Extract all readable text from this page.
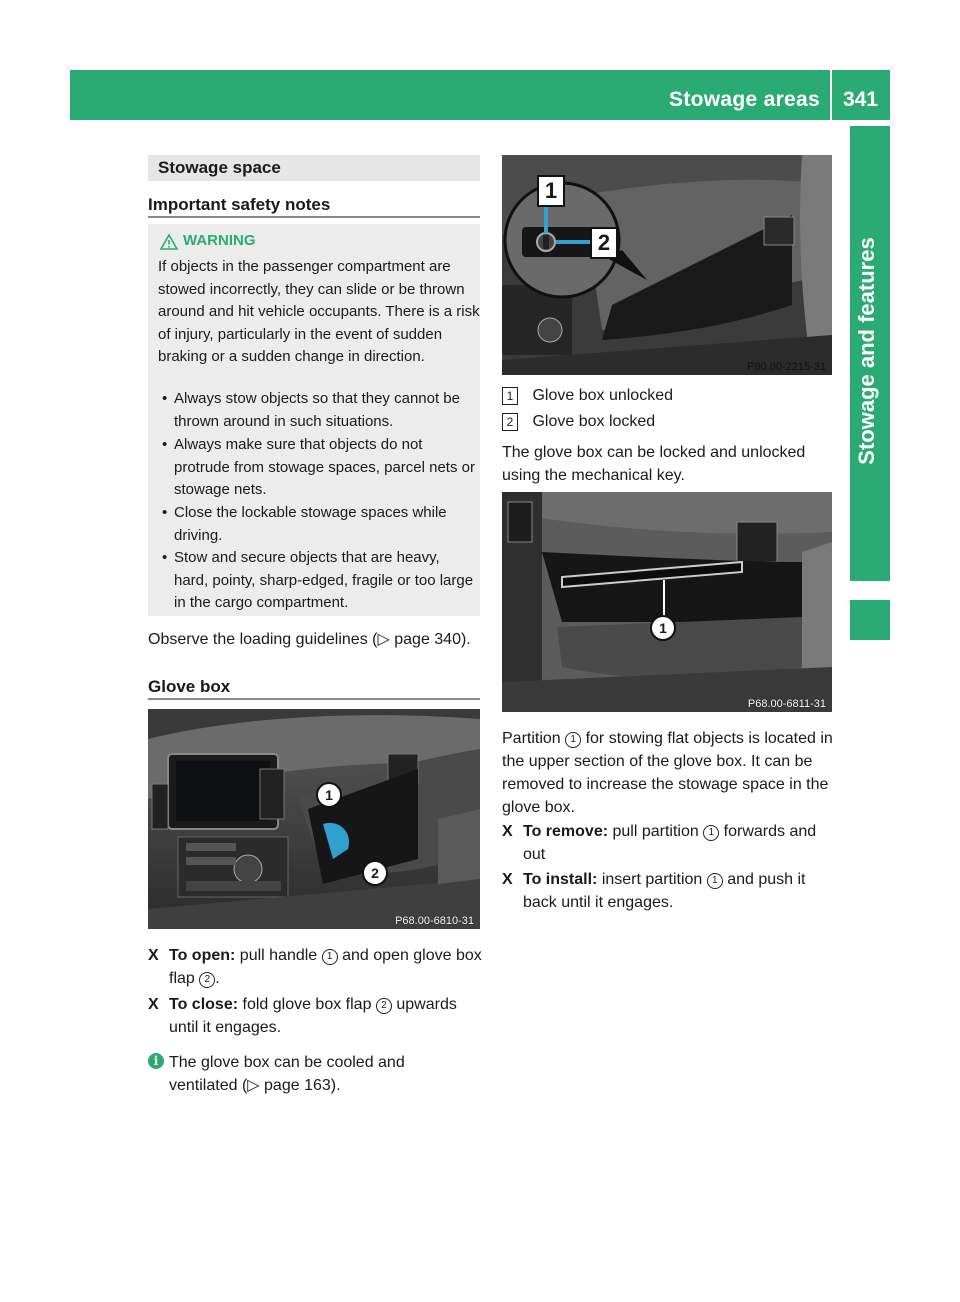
Stowage areas 341
Stowage and features
Stowage space
Important safety notes
WARNING
If objects in the passenger compartment are stowed incorrectly, they can slide or be thrown around and hit vehicle occupants. There is a risk of injury, particularly in the event of sudden braking or a sudden change in direction.
• Always stow objects so that they cannot be thrown around in such situations.
• Always make sure that objects do not protrude from stowage spaces, parcel nets or stowage nets.
• Close the lockable stowage spaces while driving.
• Stow and secure objects that are heavy, hard, pointy, sharp-edged, fragile or too large in the cargo compartment.
Observe the loading guidelines (▷ page 340).
Glove box
1
2
P68.00-6810-31
X To open: pull handle 1 and open glove box flap 2 .
X To close: fold glove box flap 2 upwards until it engages.
i The glove box can be cooled and ventilated (▷ page 163).
1
2
P80.00-2215-31
1 Glove box unlocked
2 Glove box locked
The glove box can be locked and unlocked using the mechanical key.
1
P68.00-6811-31
Partition 1 for stowing flat objects is located in the upper section of the glove box. It can be removed to increase the stowage space in the glove box.
X To remove: pull partition 1 forwards and out
X To install: insert partition 1 and push it back until it engages.
